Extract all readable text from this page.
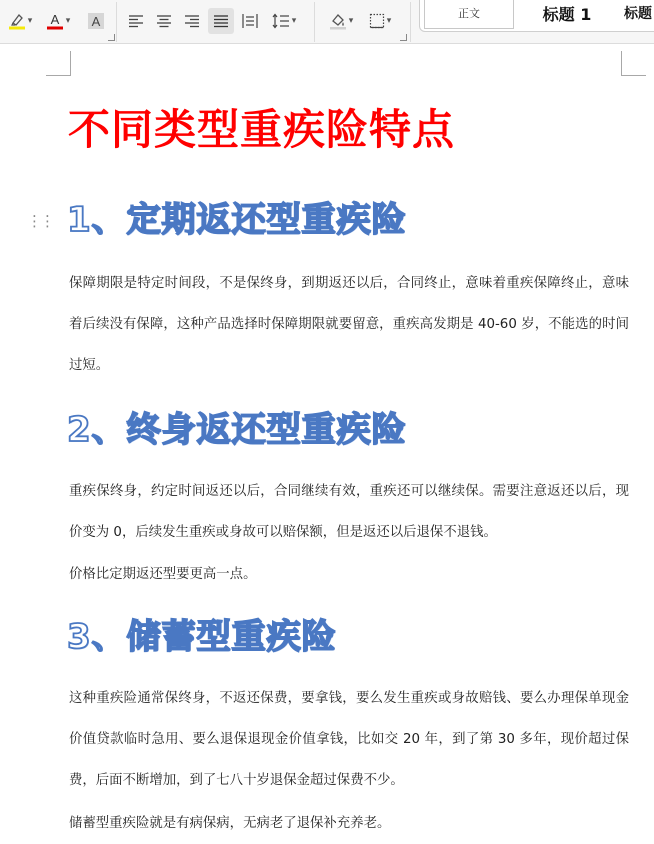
▾ A ▾ A	▾	▾	▾
正文	标题 1	标题
不同类型重疾险特点
⋮⋮ 1、定期返还型重疾险

保障期限是特定时间段，不是保终身，到期返还以后，合同终止，意味着重疾保障终止，意味着后续没有保障，这种产品选择时保障期限就要留意，重疾高发期是 40-60 岁，不能选的时间过短。

2、终身返还型重疾险

重疾保终身，约定时间返还以后，合同继续有效，重疾还可以继续保。需要注意返还以后，现价变为 0，后续发生重疾或身故可以赔保额，但是返还以后退保不退钱。

价格比定期返还型要更高一点。

3、储蓄型重疾险

这种重疾险通常保终身，不返还保费，要拿钱，要么发生重疾或身故赔钱、要么办理保单现金价值贷款临时急用、要么退保退现金价值拿钱，比如交 20 年，到了第 30 多年，现价超过保费，后面不断增加，到了七八十岁退保金超过保费不少。

储蓄型重疾险就是有病保病，无病老了退保补充养老。
